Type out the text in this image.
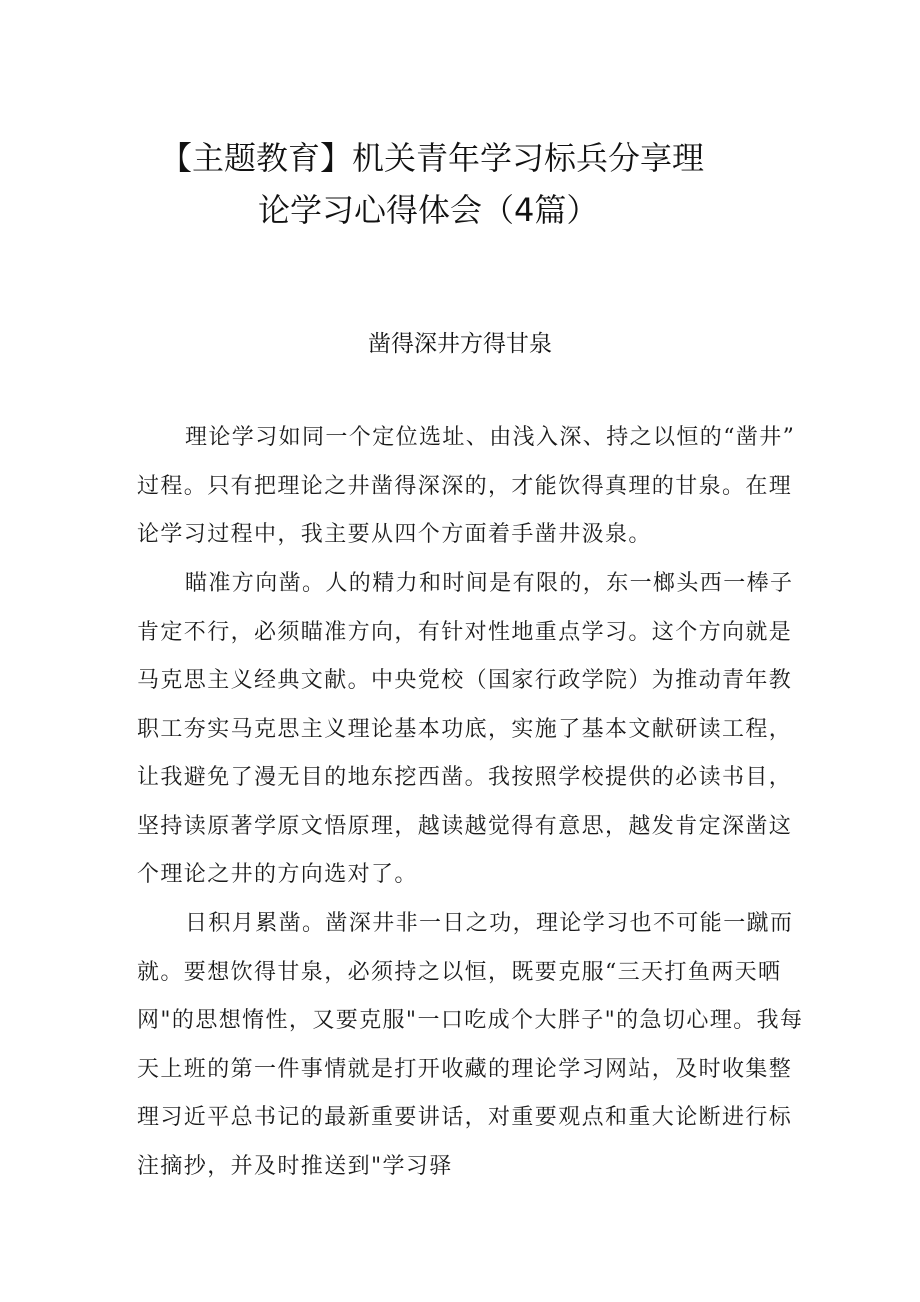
【主题教育】机关青年学习标兵分享理
论学习心得体会（4篇）
凿得深井方得甘泉
理论学习如同一个定位选址、由浅入深、持之以恒的“凿井”
过程。只有把理论之井凿得深深的，才能饮得真理的甘泉。在理
论学习过程中，我主要从四个方面着手凿井汲泉。
瞄准方向凿。人的精力和时间是有限的，东一榔头西一棒子
肯定不行，必须瞄准方向，有针对性地重点学习。这个方向就是
马克思主义经典文献。中央党校（国家行政学院）为推动青年教
职工夯实马克思主义理论基本功底，实施了基本文献研读工程，
让我避免了漫无目的地东挖西凿。我按照学校提供的必读书目，
坚持读原著学原文悟原理，越读越觉得有意思，越发肯定深凿这
个理论之井的方向选对了。
日积月累凿。凿深井非一日之功，理论学习也不可能一蹴而
就。要想饮得甘泉，必须持之以恒，既要克服“三天打鱼两天晒
网"的思想惰性，又要克服"一口吃成个大胖子"的急切心理。我每
天上班的第一件事情就是打开收藏的理论学习网站，及时收集整
理习近平总书记的最新重要讲话，对重要观点和重大论断进行标
注摘抄，并及时推送到"学习驿
